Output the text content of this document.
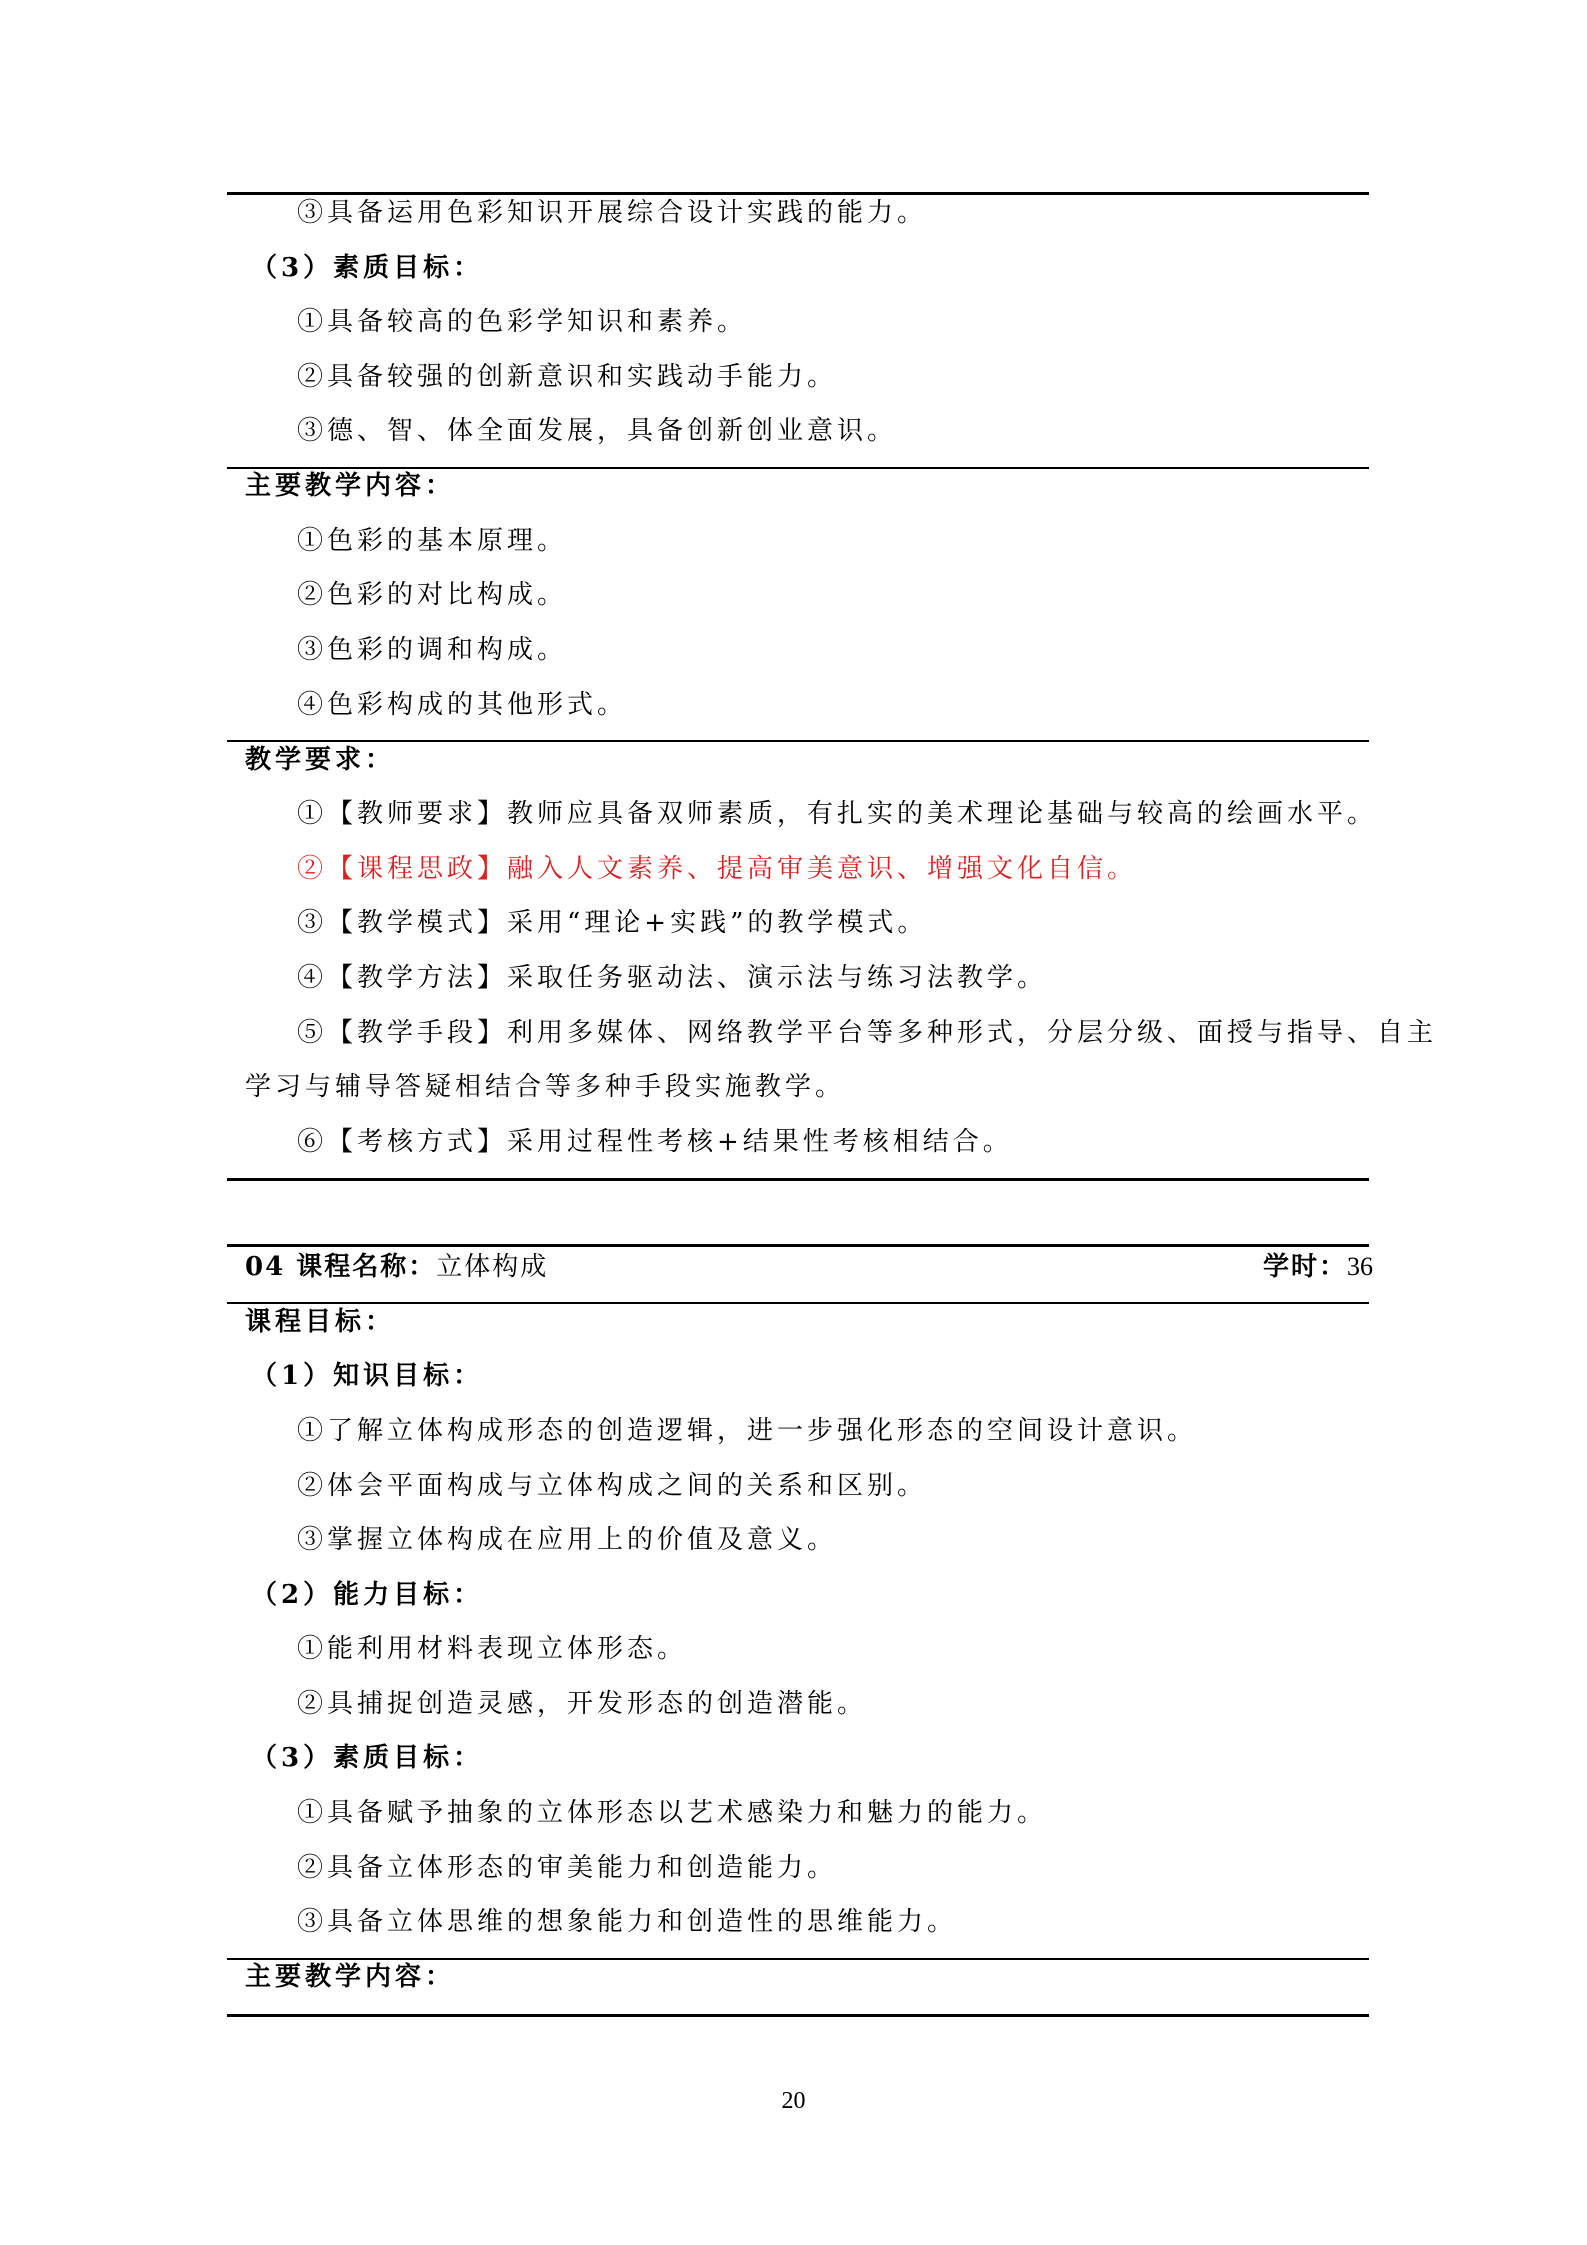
③具备运用色彩知识开展综合设计实践的能力。
（3）素质目标：
①具备较高的色彩学知识和素养。
②具备较强的创新意识和实践动手能力。
③德、智、体全面发展，具备创新创业意识。
主要教学内容：
①色彩的基本原理。
②色彩的对比构成。
③色彩的调和构成。
④色彩构成的其他形式。
教学要求：
①【教师要求】教师应具备双师素质，有扎实的美术理论基础与较高的绘画水平。
②【课程思政】融入人文素养、提高审美意识、增强文化自信。
③【教学模式】采用“理论+实践”的教学模式。
④【教学方法】采取任务驱动法、演示法与练习法教学。
⑤【教学手段】利用多媒体、网络教学平台等多种形式，分层分级、面授与指导、自主
学习与辅导答疑相结合等多种手段实施教学。
⑥【考核方式】采用过程性考核+结果性考核相结合。
04 课程名称：立体构成	学时：36
课程目标：
（1）知识目标：
①了解立体构成形态的创造逻辑，进一步强化形态的空间设计意识。
②体会平面构成与立体构成之间的关系和区别。
③掌握立体构成在应用上的价值及意义。
（2）能力目标：
①能利用材料表现立体形态。
②具捕捉创造灵感，开发形态的创造潜能。
（3）素质目标：
①具备赋予抽象的立体形态以艺术感染力和魅力的能力。
②具备立体形态的审美能力和创造能力。
③具备立体思维的想象能力和创造性的思维能力。
主要教学内容：
20
